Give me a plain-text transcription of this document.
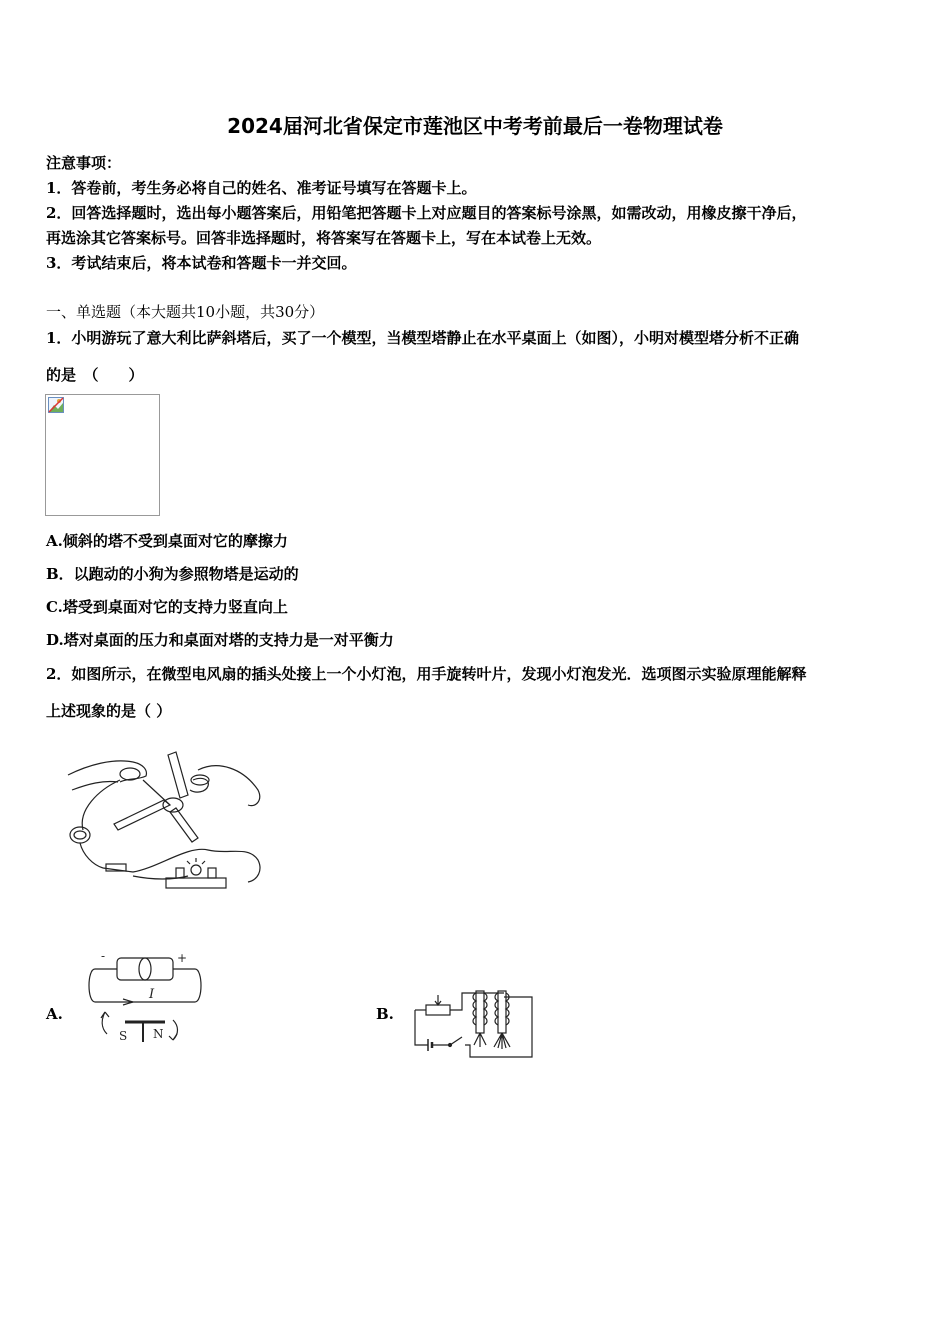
2024届河北省保定市莲池区中考考前最后一卷物理试卷
注意事项：
1．答卷前，考生务必将自己的姓名、准考证号填写在答题卡上。
2．回答选择题时，选出每小题答案后，用铅笔把答题卡上对应题目的答案标号涂黑，如需改动，用橡皮擦干净后，
再选涂其它答案标号。回答非选择题时，将答案写在答题卡上，写在本试卷上无效。
3．考试结束后，将本试卷和答题卡一并交回。
一、单选题（本大题共10小题，共30分）
1．小明游玩了意大利比萨斜塔后，买了一个模型，当模型塔静止在水平桌面上（如图），小明对模型塔分析不正确
的是　（　　）
A.倾斜的塔不受到桌面对它的摩擦力
B．以跑动的小狗为参照物塔是运动的
C.塔受到桌面对它的支持力竖直向上
D.塔对桌面的压力和桌面对塔的支持力是一对平衡力
2．如图所示，在微型电风扇的插头处接上一个小灯泡，用手旋转叶片，发现小灯泡发光．选项图示实验原理能解释
上述现象的是（ ）
A.
-	+
I
S N
B.
